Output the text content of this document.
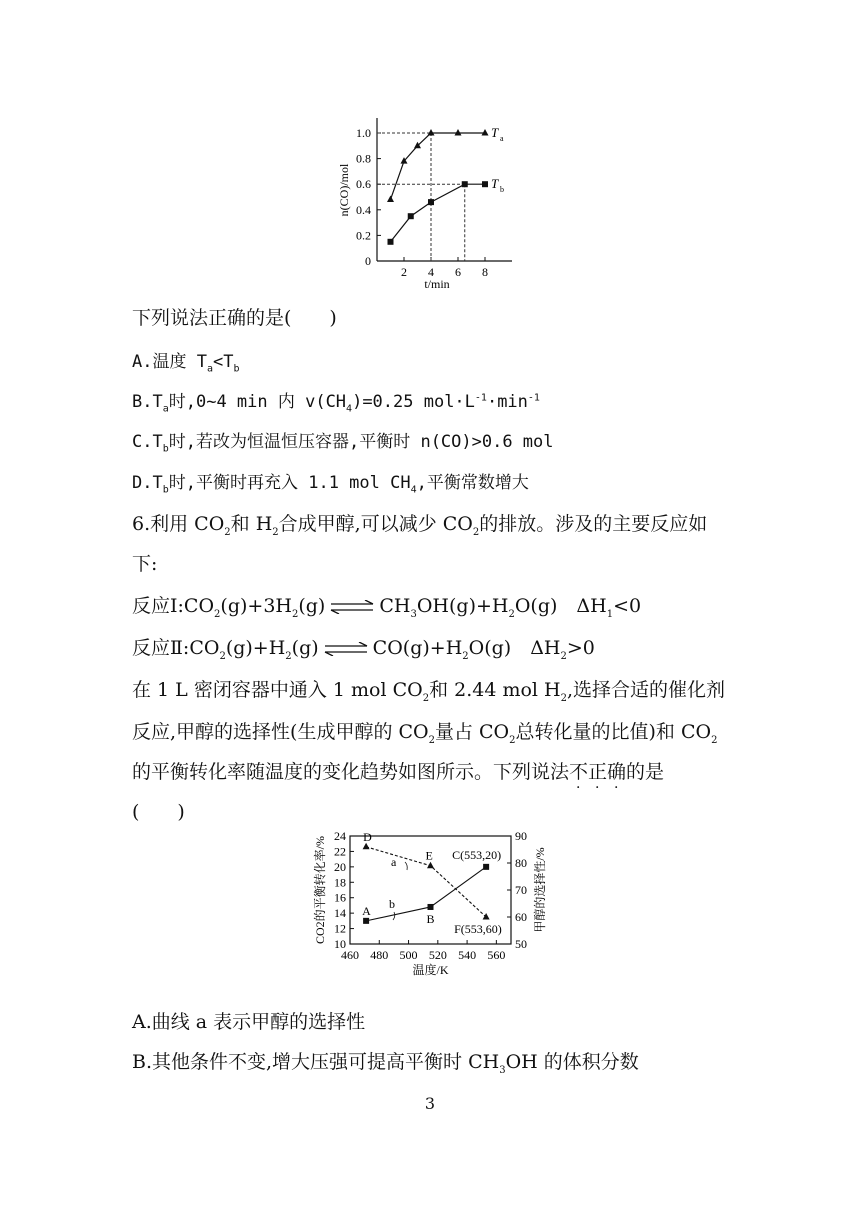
0
0.2
0.4
0.6
0.8
1.0
2 4 6 8
T a
T b
n(CO)/mol
t/min
下列说法正确的是(　　)
A.温度 $T_a<T_b$
$B.T_a$时,0~4 min 内 $v(CH_4)=0.25$ $mol\cdot L^{-1}\cdot\min^{-1}$
$C.T_b$时,若改为恒温恒压容器,平衡时 n(CO)>0.6 mol
$D.T_b$时,平衡时再充入 1.1 mol $CH_4$,平衡常数增大
6.利用 $CO_2$和 $H_2$合成甲醇,可以减少 $CO_2$的排放。涉及的主要反应如
下:
反应$Ⅰ:CO_2(g)+3H_2(g)$ ⇌ $CH_3OH(g)+H_2O(g)$　$\Delta H_1<0$
反应$Ⅱ:CO_2(g)+H_2(g)$ ⇌ $CO(g)+H_2O(g)$　$\Delta H_2>0$
在 1 L 密闭容器中通入 1 mol $CO_2$和 2.44 mol $H_2$,选择合适的催化剂
反应,甲醇的选择性(生成甲醇的 $CO_2$量占 $CO_2$总转化量的比值)和 $CO_2$
的平衡转化率随温度的变化趋势如图所示。下列说法不正确
· · ·
的是
(　　)
10
12
14
16
18
20
22
24
50
60
70
80
90
460 480 500 520 540 560
A
B
C(553,20)
D
E
F(553,60)
a
b
CO2的平衡转化率/%	甲醇的选择性/%
温度/K
A.曲线 a 表示甲醇的选择性
B.其他条件不变,增大压强可提高平衡时 $CH_3OH$ 的体积分数
3
